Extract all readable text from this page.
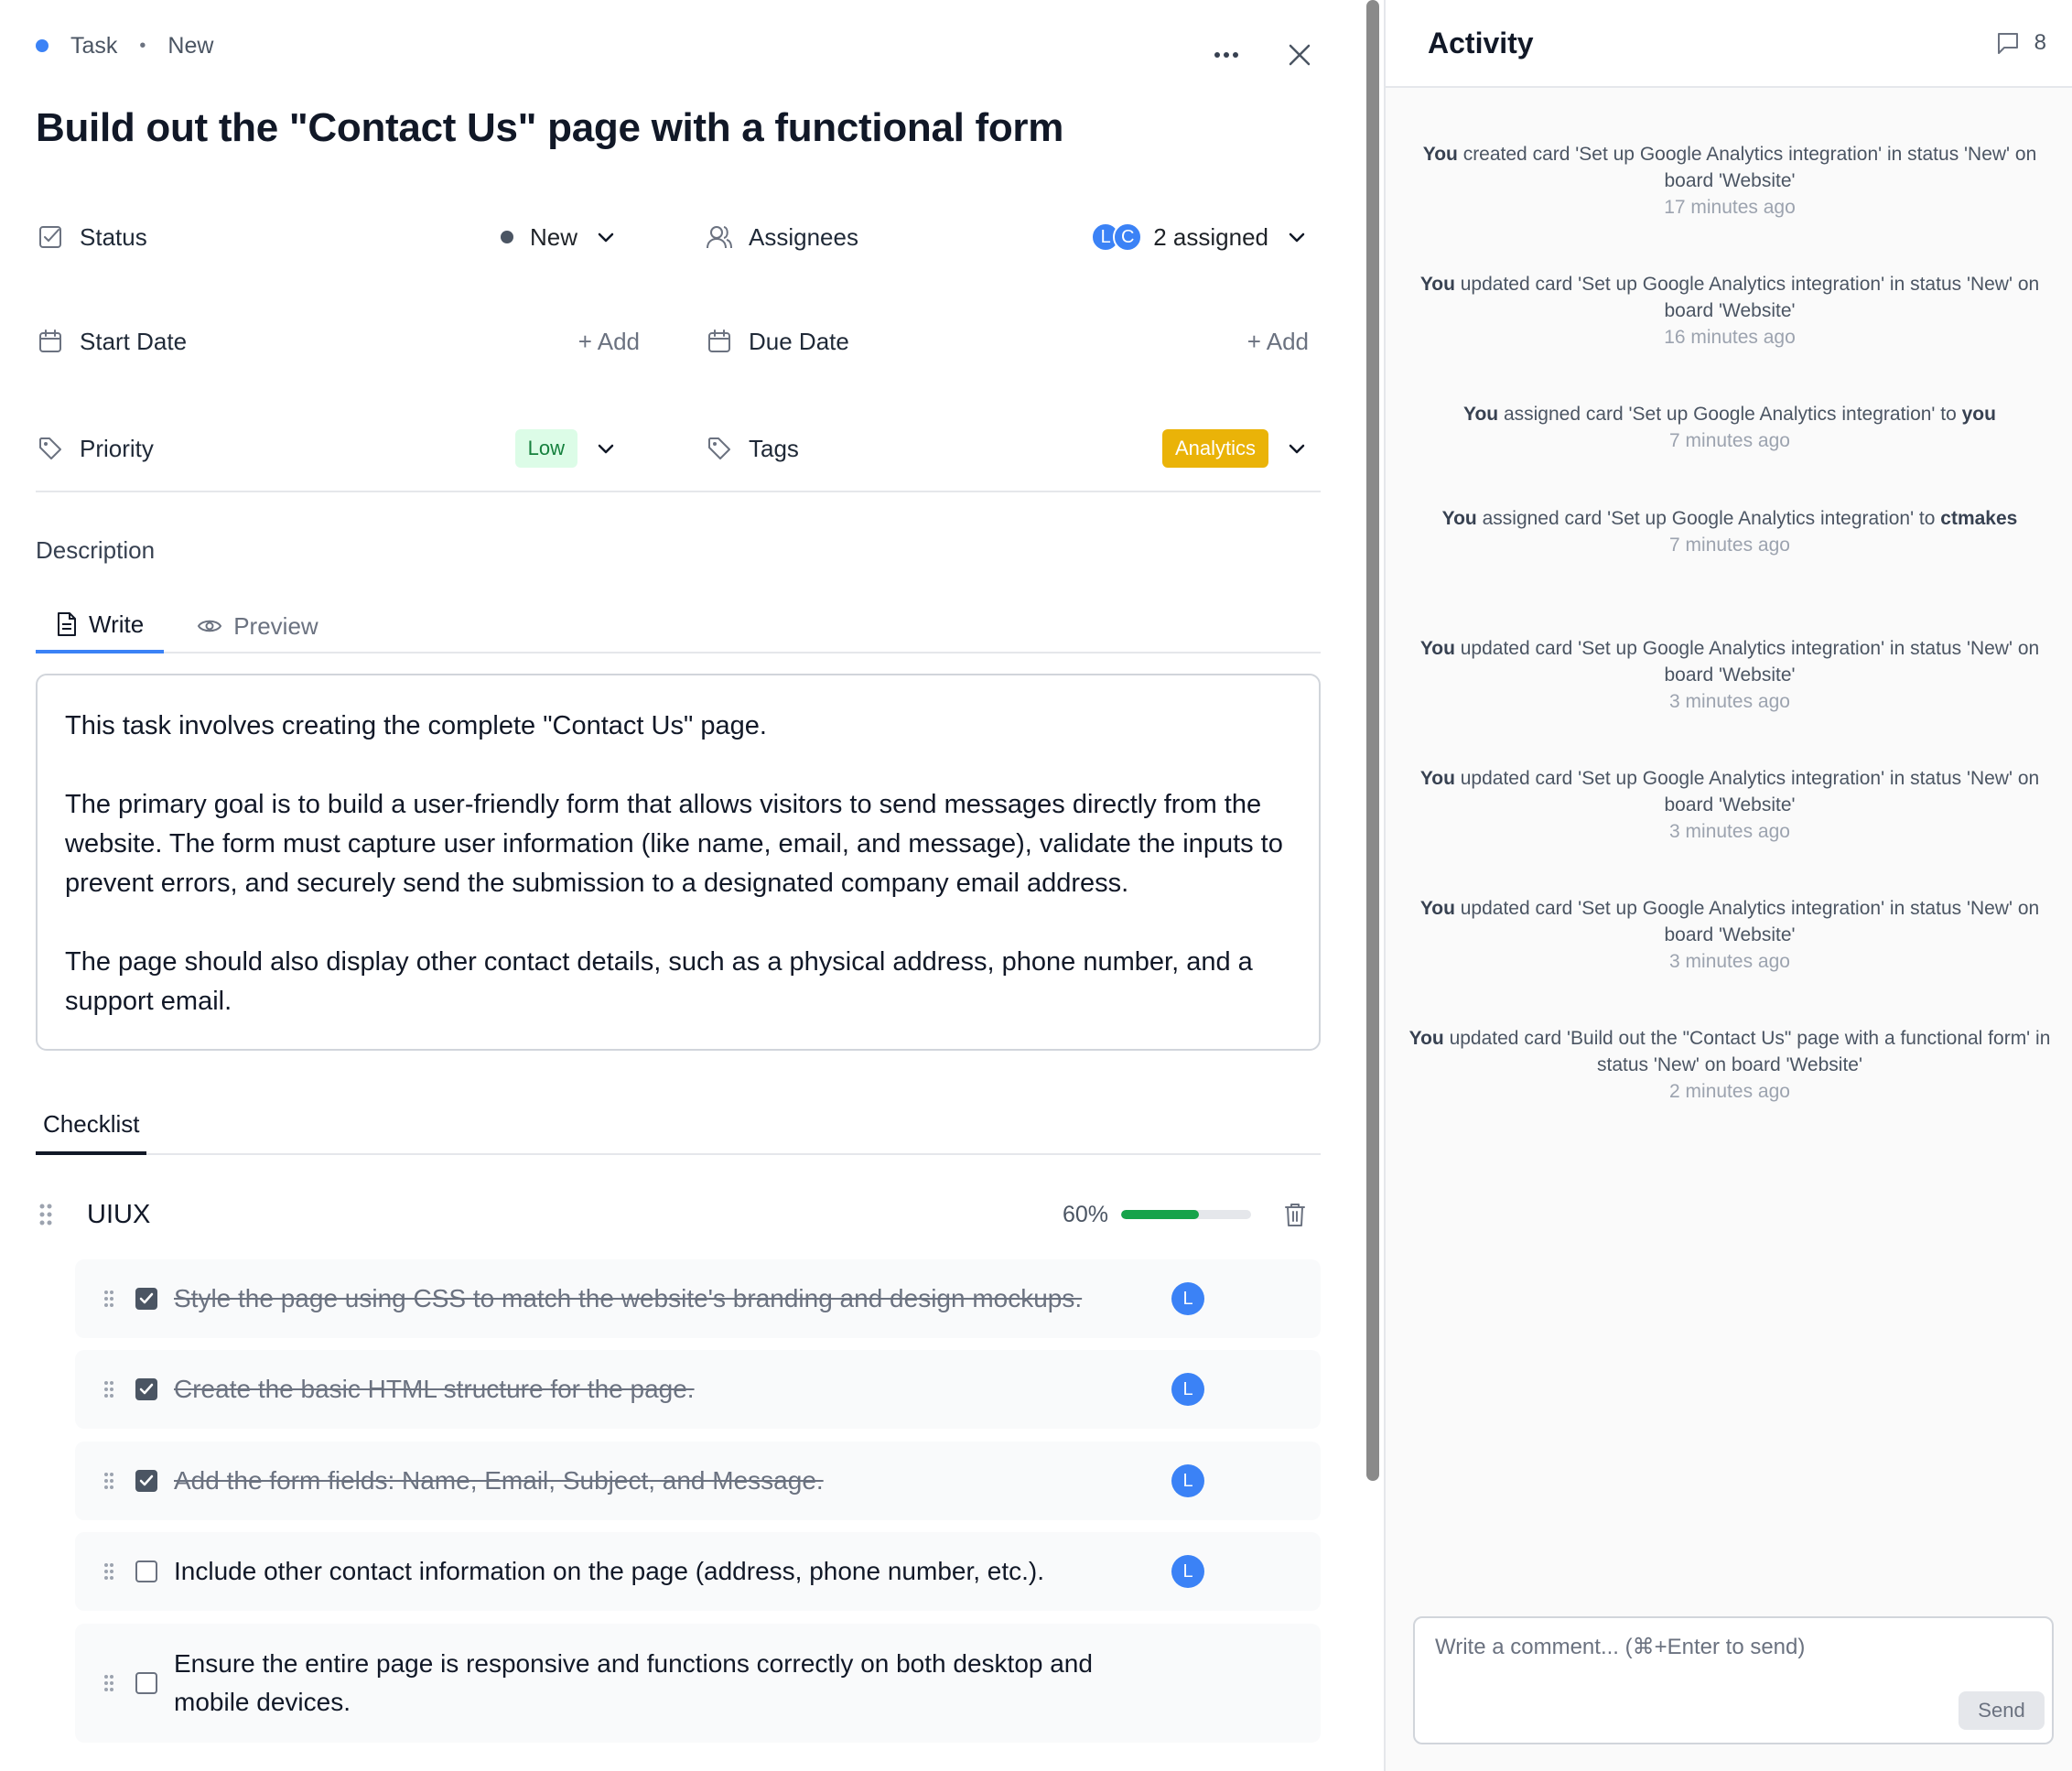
Task • New
Build out the "Contact Us" page with a functional form
Status	New	Assignees	L C 2 assigned
Start Date	+ Add	Due Date	+ Add
Priority	Low	Tags	Analytics
Description
Write	Preview

This task involves creating the complete "Contact Us" page.

The primary goal is to build a user-friendly form that allows visitors to send messages directly from the website. The form must capture user information (like name, email, and message), validate the inputs to prevent errors, and securely send the submission to a designated company email address.

The page should also display other contact details, such as a physical address, phone number, and a support email.

Checklist
UIUX	60%
Style the page using CSS to match the website's branding and design mockups.	L
Create the basic HTML structure for the page.	L
Add the form fields: Name, Email, Subject, and Message.	L
Include other contact information on the page (address, phone number, etc.).	L
Ensure the entire page is responsive and functions correctly on both desktop and mobile devices.
Activity	8
You created card 'Set up Google Analytics integration' in status 'New' on board 'Website'
17 minutes ago
You updated card 'Set up Google Analytics integration' in status 'New' on board 'Website'
16 minutes ago
You assigned card 'Set up Google Analytics integration' to you
7 minutes ago
You assigned card 'Set up Google Analytics integration' to ctmakes
7 minutes ago
You updated card 'Set up Google Analytics integration' in status 'New' on board 'Website'
3 minutes ago
You updated card 'Set up Google Analytics integration' in status 'New' on board 'Website'
3 minutes ago
You updated card 'Set up Google Analytics integration' in status 'New' on board 'Website'
3 minutes ago
You updated card 'Build out the "Contact Us" page with a functional form' in status 'New' on board 'Website'
2 minutes ago
Write a comment... (⌘+Enter to send)
Send
